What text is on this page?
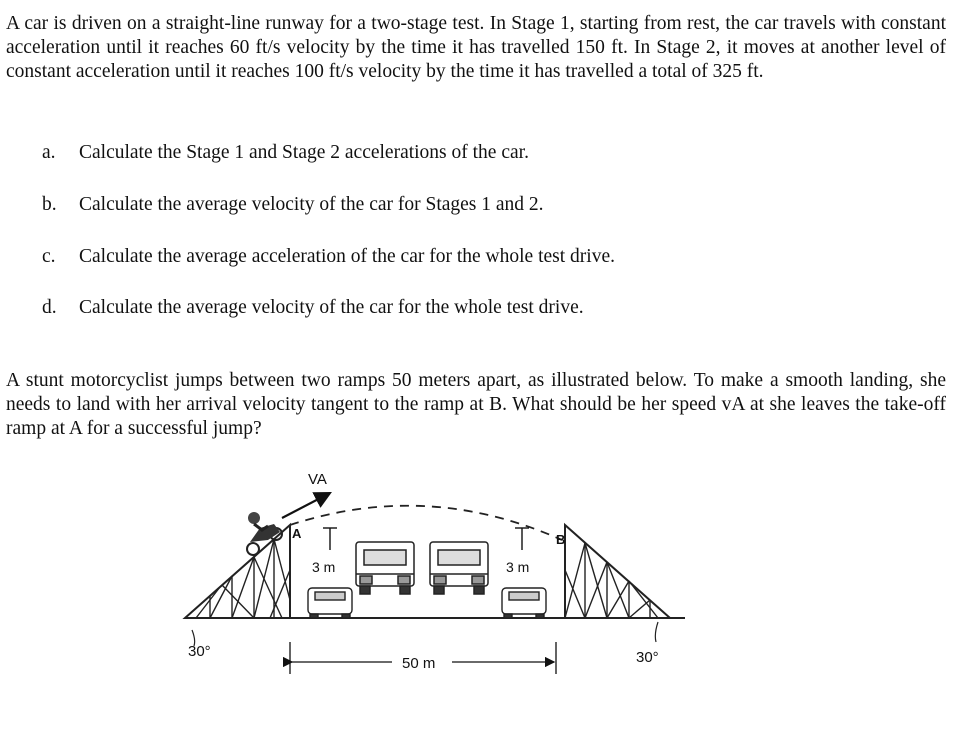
A car is driven on a straight-line runway for a two-stage test. In Stage 1, starting from rest, the car travels with constant acceleration until it reaches 60 ft/s velocity by the time it has travelled 150 ft. In Stage 2, it moves at another level of constant acceleration until it reaches 100 ft/s velocity by the time it has travelled a total of 325 ft.

a. Calculate the Stage 1 and Stage 2 accelerations of the car.
b. Calculate the average velocity of the car for Stages 1 and 2.
c. Calculate the average acceleration of the car for the whole test drive.
d. Calculate the average velocity of the car for the whole test drive.

A stunt motorcyclist jumps between two ramps 50 meters apart, as illustrated below. To make a smooth landing, she needs to land with her arrival velocity tangent to the ramp at B. What should be her speed vA at she leaves the take-off ramp at A for a successful jump?

VA
A	B
3 m	3 m
30°	30°
50 m
